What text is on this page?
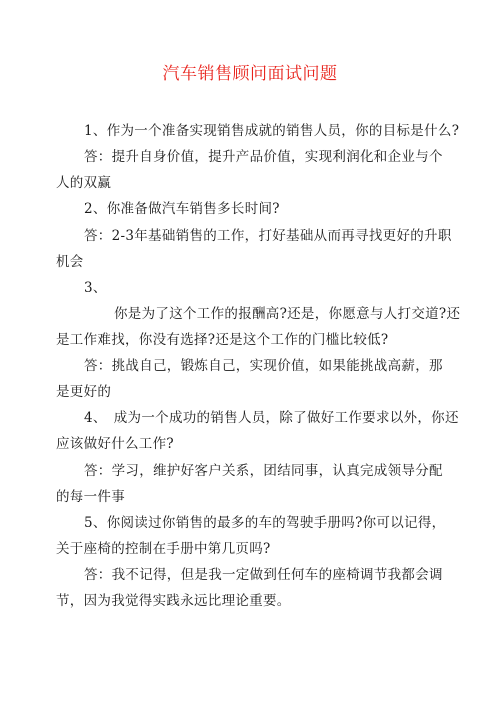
汽车销售顾问面试问题
1、作为一个准备实现销售成就的销售人员，你的目标是什么?
答：提升自身价值，提升产品价值，实现利润化和企业与个
人的双赢
2、你准备做汽车销售多长时间?
答：2-3年基础销售的工作，打好基础从而再寻找更好的升职
机会
3、
你是为了这个工作的报酬高?还是，你愿意与人打交道?还
是工作难找，你没有选择?还是这个工作的门槛比较低?
答：挑战自己，锻炼自己，实现价值，如果能挑战高薪，那
是更好的
4、　成为一个成功的销售人员，除了做好工作要求以外，你还
应该做好什么工作?
答：学习，维护好客户关系，团结同事，认真完成领导分配
的每一件事
5、你阅读过你销售的最多的车的驾驶手册吗?你可以记得，
关于座椅的控制在手册中第几页吗?
答：我不记得，但是我一定做到任何车的座椅调节我都会调
节，因为我觉得实践永远比理论重要。
